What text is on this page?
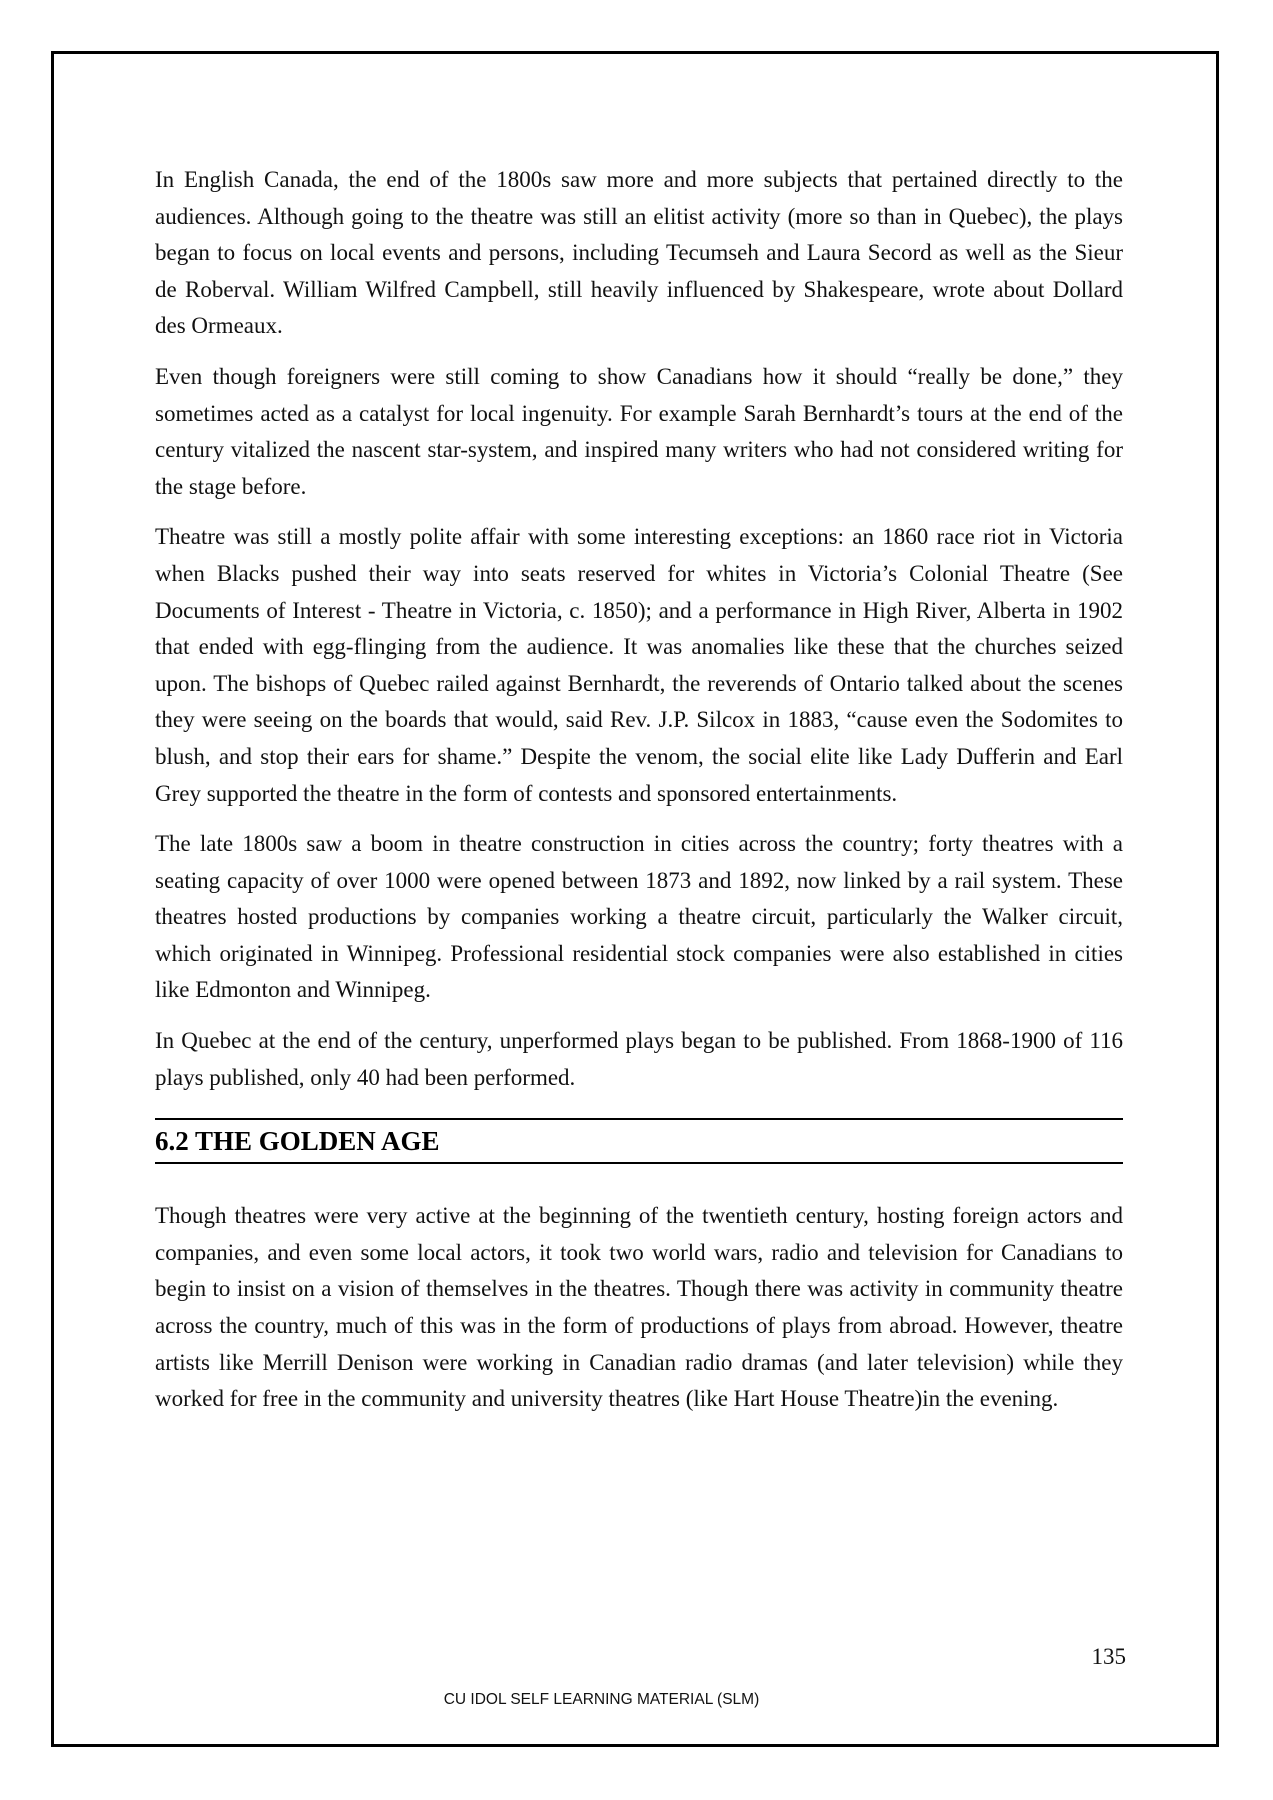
In English Canada, the end of the 1800s saw more and more subjects that pertained directly to the audiences. Although going to the theatre was still an elitist activity (more so than in Quebec), the plays began to focus on local events and persons, including Tecumseh and Laura Secord as well as the Sieur de Roberval. William Wilfred Campbell, still heavily influenced by Shakespeare, wrote about Dollard des Ormeaux.

Even though foreigners were still coming to show Canadians how it should “really be done,” they sometimes acted as a catalyst for local ingenuity. For example Sarah Bernhardt’s tours at the end of the century vitalized the nascent star-system, and inspired many writers who had not considered writing for the stage before.

Theatre was still a mostly polite affair with some interesting exceptions: an 1860 race riot in Victoria when Blacks pushed their way into seats reserved for whites in Victoria’s Colonial Theatre (See Documents of Interest - Theatre in Victoria, c. 1850); and a performance in High River, Alberta in 1902 that ended with egg-flinging from the audience. It was anomalies like these that the churches seized upon. The bishops of Quebec railed against Bernhardt, the reverends of Ontario talked about the scenes they were seeing on the boards that would, said Rev. J.P. Silcox in 1883, “cause even the Sodomites to blush, and stop their ears for shame.” Despite the venom, the social elite like Lady Dufferin and Earl Grey supported the theatre in the form of contests and sponsored entertainments.

The late 1800s saw a boom in theatre construction in cities across the country; forty theatres with a seating capacity of over 1000 were opened between 1873 and 1892, now linked by a rail system. These theatres hosted productions by companies working a theatre circuit, particularly the Walker circuit, which originated in Winnipeg. Professional residential stock companies were also established in cities like Edmonton and Winnipeg.

In Quebec at the end of the century, unperformed plays began to be published. From 1868-1900 of 116 plays published, only 40 had been performed.

6.2 THE GOLDEN AGE

Though theatres were very active at the beginning of the twentieth century, hosting foreign actors and companies, and even some local actors, it took two world wars, radio and television for Canadians to begin to insist on a vision of themselves in the theatres. Though there was activity in community theatre across the country, much of this was in the form of productions of plays from abroad. However, theatre artists like Merrill Denison were working in Canadian radio dramas (and later television) while they worked for free in the community and university theatres (like Hart House Theatre)in the evening.

135
CU IDOL SELF LEARNING MATERIAL (SLM)
